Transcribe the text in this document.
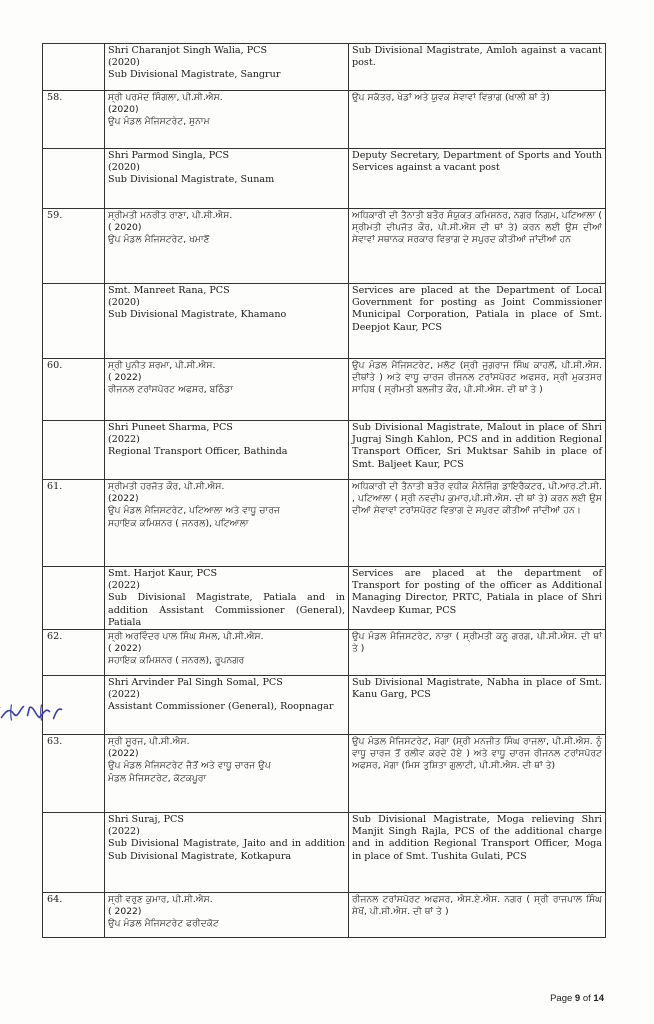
	Shri Charanjot Singh Walia, PCS
(2020)
Sub Divisional Magistrate, Sangrur	Sub Divisional Magistrate, Amloh against a vacant post.
58.	ਸ੍ਰੀ ਪਰਮੋਦ ਸਿੰਗਲਾ, ਪੀ.ਸੀ.ਐਸ.
(2020)
ਉਪ ਮੰਡਲ ਮੈਜਿਸਟਰੇਟ, ਸੁਨਾਮ	ਉਪ ਸਕੱਤਰ, ਖੇਡਾਂ ਅਤੇ ਯੁਵਕ ਸੇਵਾਵਾਂ ਵਿਭਾਗ (ਖਾਲੀ ਥਾਂ ਤੇ)

	Shri Parmod Singla, PCS
(2020)
Sub Divisional Magistrate, Sunam	Deputy Secretary, Department of Sports and Youth Services against a vacant post
59.	ਸ੍ਰੀਮਤੀ ਮਨਰੀਤ ਰਾਣਾ, ਪੀ.ਸੀ.ਐਸ.
( 2020)
ਉਪ ਮੰਡਲ ਮੈਜਿਸਟਰੇਟ, ਖਮਾਣੋਂ	ਅਧਿਕਾਰੀ ਦੀ ਤੈਨਾਤੀ ਬਤੌਰ ਸੰਯੁਕਤ ਕਮਿਸ਼ਨਰ, ਨਗਰ ਨਿਗਮ, ਪਟਿਆਲਾ ( ਸ੍ਰੀਮਤੀ ਦੀਪਜੋਤ ਕੌਰ, ਪੀ.ਸੀ.ਐਸ ਦੀ ਥਾਂ ਤੇ) ਕਰਨ ਲਈ ਉਸ ਦੀਆਂ ਸੇਵਾਵਾਂ ਸਥਾਨਕ ਸਰਕਾਰ ਵਿਭਾਗ ਦੇ ਸਪੁਰਦ ਕੀਤੀਆਂ ਜਾਂਦੀਆਂ ਹਨ

	Smt. Manreet Rana, PCS
(2020)
Sub Divisional Magistrate, Khamano	Services are placed at the Department of Local Government for posting as Joint Commissioner Municipal Corporation, Patiala in place of Smt. Deepjot Kaur, PCS
60.	ਸ੍ਰੀ ਪੁਨੀਤ ਸ਼ਰਮਾ, ਪੀ.ਸੀ.ਐਸ.
( 2022)
ਰੀਜਨਲ ਟਰਾਂਸਪੋਰਟ ਅਫਸਰ, ਬਠਿੰਡਾ	ਉਪ ਮੰਡਲ ਮੈਜਿਸਟਰੇਟ, ਮਲੋਟ (ਸ੍ਰੀ ਜੁਗਰਾਜ ਸਿੰਘ ਕਾਹਲੋਂ, ਪੀ.ਸੀ.ਐਸ. ਦੀਥਾਂਤੇ ) ਅਤੇ ਵਾਧੂ ਚਾਰਜ ਰੀਜਨਲ ਟਰਾਂਸਪੋਰਟ ਅਫਸਰ, ਸ੍ਰੀ ਮੁਕਤਸਰ ਸਾਹਿਬ ( ਸ੍ਰੀਮਤੀ ਬਲਜੀਤ ਕੌਰ, ਪੀ.ਸੀ.ਐਸ. ਦੀ ਥਾਂ ਤੇ )

	Shri Puneet Sharma, PCS
(2022)
Regional Transport Officer, Bathinda	Sub Divisional Magistrate, Malout in place of Shri Jugraj Singh Kahlon, PCS and in addition Regional Transport Officer, Sri Muktsar Sahib in place of Smt. Baljeet Kaur, PCS
61.	ਸ੍ਰੀਮਤੀ ਹਰਜੋਤ ਕੌਰ, ਪੀ.ਸੀ.ਐਸ.
(2022)
ਉਪ ਮੰਡਲ ਮੈਜਿਸਟਰੇਟ, ਪਟਿਆਲਾ ਅਤੇ ਵਾਧੂ ਚਾਰਜ
ਸਹਾਇਕ ਕਮਿਸ਼ਨਰ ( ਜਨਰਲ), ਪਟਿਆਲਾ	ਅਧਿਕਾਰੀ ਦੀ ਤੈਨਾਤੀ ਬਤੌਰ ਵਧੀਕ ਮੈਨੇਜਿੰਗ ਡਾਇਰੈਕਟਰ, ਪੀ.ਆਰ.ਟੀ.ਸੀ. , ਪਟਿਆਲਾ ( ਸ੍ਰੀ ਨਵਦੀਪ ਕੁਮਾਰ,ਪੀ.ਸੀ.ਐਸ. ਦੀ ਥਾਂ ਤੇ) ਕਰਨ ਲਈ ਉਸ ਦੀਆਂ ਸੇਵਾਵਾਂ ਟਰਾਂਸਪੋਰਟ ਵਿਭਾਗ ਦੇ ਸਪੁਰਦ ਕੀਤੀਆਂ ਜਾਂਦੀਆਂ ਹਨ।

	Smt. Harjot Kaur, PCS
(2022)
Sub Divisional Magistrate, Patiala and in addition Assistant Commissioner (General), Patiala	Services are placed at the department of Transport for posting of the officer as Additional Managing Director, PRTC, Patiala in place of Shri Navdeep Kumar, PCS
62.	ਸ੍ਰੀ ਅਰਵਿੰਦਰ ਪਾਲ ਸਿੰਘ ਸੋਮਲ, ਪੀ.ਸੀ.ਐਸ.
( 2022)
ਸਹਾਇਕ ਕਮਿਸ਼ਨਰ ( ਜਨਰਲ), ਰੂਪਨਗਰ	ਉਪ ਮੰਡਲ ਮੈਜਿਸਟਰੇਟ, ਨਾਭਾ ( ਸ੍ਰੀਮਤੀ ਕਨੂ ਗਰਗ, ਪੀ.ਸੀ.ਐਸ. ਦੀ ਥਾਂ ਤੇ )

	Shri Arvinder Pal Singh Somal, PCS
(2022)
Assistant Commissioner (General), Roopnagar	Sub Divisional Magistrate, Nabha in place of Smt. Kanu Garg, PCS
63.	ਸ੍ਰੀ ਸੂਰਜ, ਪੀ.ਸੀ.ਐਸ.
(2022)
ਉਪ ਮੰਡਲ ਮੈਜਿਸਟਰੇਟ ਜੈਤੋਂ ਅਤੇ ਵਾਧੂ ਚਾਰਜ ਉਪ
ਮੰਡਲ ਮੈਜਿਸਟਰੇਟ, ਕੋਟਕਪੂਰਾ	ਉਪ ਮੰਡਲ ਮੈਜਿਸਟਰੇਟ, ਮੋਗਾ (ਸ੍ਰੀ ਮਨਜੀਤ ਸਿੰਘ ਰਾਜਲਾ, ਪੀ.ਸੀ.ਐਸ. ਨੂੰ ਵਾਧੂ ਚਾਰਜ ਤੋਂ ਰਲੀਵ ਕਰਦੇ ਹੋਏ ) ਅਤੇ ਵਾਧੂ ਚਾਰਜ ਰੀਜਨਲ ਟਰਾਂਸਪੋਰਟ ਅਫਸਰ, ਮੋਗਾ (ਮਿਸ ਤੁਸ਼ਿਤਾ ਗੁਲਾਟੀ, ਪੀ.ਸੀ.ਐਸ. ਦੀ ਥਾਂ ਤੇ)

	Shri Suraj, PCS
(2022)
Sub Divisional Magistrate, Jaito and in addition Sub Divisional Magistrate, Kotkapura	Sub Divisional Magistrate, Moga relieving Shri Manjit Singh Rajla, PCS of the additional charge and in addition Regional Transport Officer, Moga in place of Smt. Tushita Gulati, PCS
64.	ਸ੍ਰੀ ਵਰੁਣ ਕੁਮਾਰ, ਪੀ.ਸੀ.ਐਸ.
( 2022)
ਉਪ ਮੰਡਲ ਮੈਜਿਸਟਰੇਟ ਫਰੀਦਕੋਟ	ਰੀਜਨਲ ਟਰਾਂਸਪੋਰਟ ਅਫਸਰ, ਐਸ.ਏ.ਐਸ. ਨਗਰ ( ਸ੍ਰੀ ਰਾਜਪਾਲ ਸਿੰਘ ਸੇਖੋਂ, ਪੀ.ਸੀ.ਐਸ. ਦੀ ਥਾਂ ਤੇ )
Page 9 of 14
